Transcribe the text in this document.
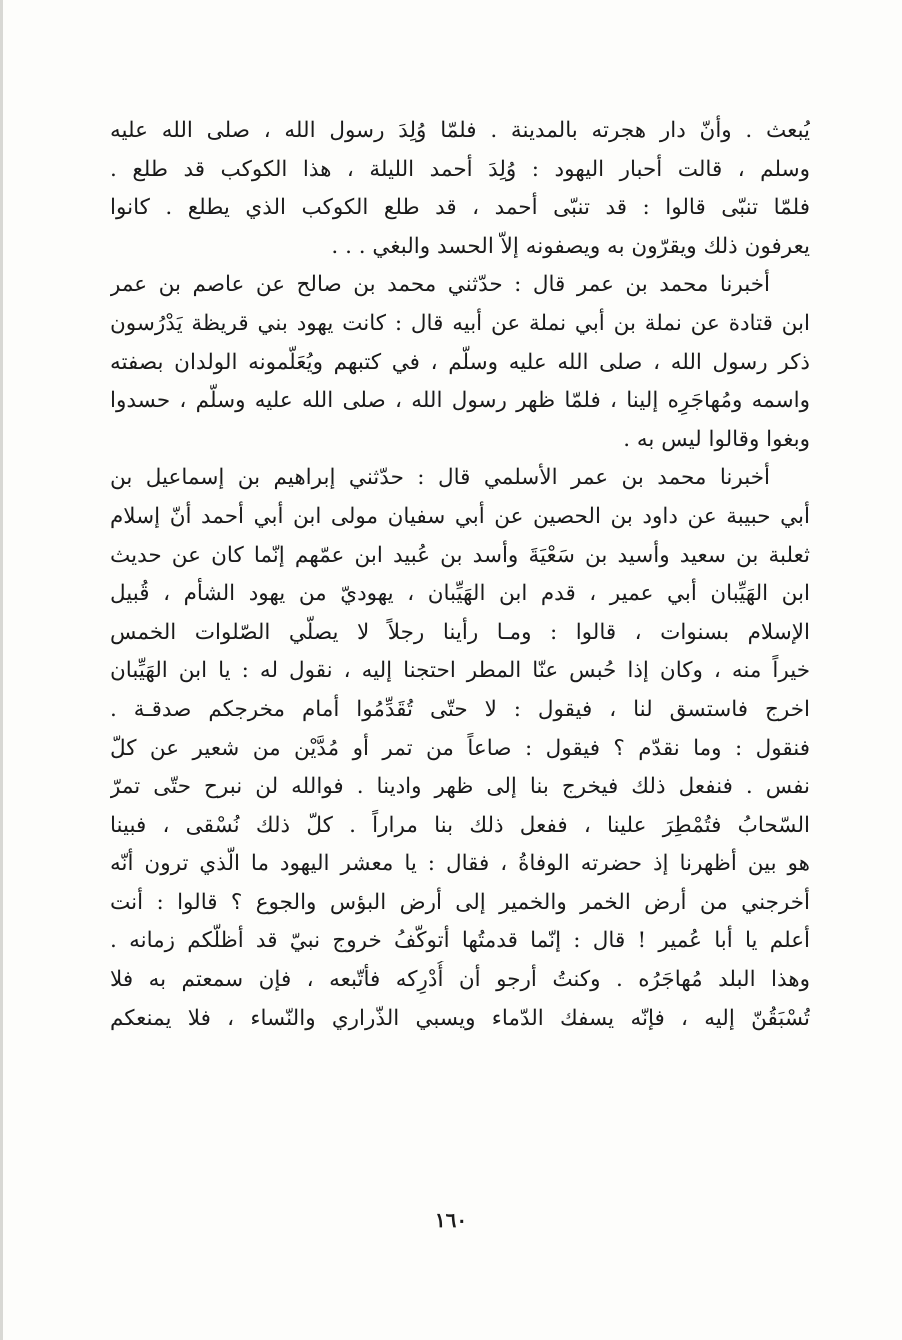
يُبعث . وأنّ دار هجرته بالمدينة . فلمّا وُلِدَ رسول الله ، صلى الله عليه
وسلم ، قالت أحبار اليهود : وُلِدَ أحمد الليلة ، هذا الكوكب قد طلع .
فلمّا تنبّى قالوا : قد تنبّى أحمد ، قد طلع الكوكب الذي يطلع . كانوا
يعرفون ذلك ويقرّون به ويصفونه إلاّ الحسد والبغي . . .
أخبرنا محمد بن عمر قال : حدّثني محمد بن صالح عن عاصم بن عمر
ابن قتادة عن نملة بن أبي نملة عن أبيه قال : كانت يهود بني قريظة يَدْرُسون
ذكر رسول الله ، صلى الله عليه وسلّم ، في كتبهم ويُعَلّمونه الولدان بصفته
واسمه ومُهاجَرِه إلينا ، فلمّا ظهر رسول الله ، صلى الله عليه وسلّم ، حسدوا
وبغوا وقالوا ليس به .
أخبرنا محمد بن عمر الأسلمي قال : حدّثني إبراهيم بن إسماعيل بن
أبي حبيبة عن داود بن الحصين عن أبي سفيان مولى ابن أبي أحمد أنّ إسلام
ثعلبة بن سعيد وأسيد بن سَعْيَةَ وأسد بن عُبيد ابن عمّهم إنّما كان عن حديث
ابن الهَيِّبان أبي عمير ، قدم ابن الهَيِّبان ، يهوديّ من يهود الشأم ، قُبيل
الإسلام بسنوات ، قالوا : ومـا رأينا رجلاً لا يصلّي الصّلوات الخمس
خيراً منه ، وكان إذا حُبس عنّا المطر احتجنا إليه ، نقول له : يا ابن الهَيِّبان
اخرج فاستسق لنا ، فيقول : لا حتّى تُقَدِّمُوا أمام مخرجكم صدقـة .
فنقول : وما نقدّم ؟ فيقول : صاعاً من تمر أو مُدَّيْن من شعير عن كلّ
نفس . فنفعل ذلك فيخرج بنا إلى ظهر وادينا . فوالله لن نبرح حتّى تمرّ
السّحابُ فتُمْطِرَ علينا ، ففعل ذلك بنا مراراً . كلّ ذلك نُسْقى ، فبينا
هو بين أظهرنا إذ حضرته الوفاةُ ، فقال : يا معشر اليهود ما الّذي ترون أنّه
أخرجني من أرض الخمر والخمير إلى أرض البؤس والجوع ؟ قالوا : أنت
أعلم يا أبا عُمير ! قال : إنّما قدمتُها أتوكّفُ خروج نبيّ قد أظلّكم زمانه .
وهذا البلد مُهاجَرُه . وكنتُ أرجو أن أُدْرِكه فأتّبعه ، فإن سمعتم به فلا
تُسْبَقُنّ إليه ، فإنّه يسفك الدّماء ويسبي الذّراري والنّساء ، فلا يمنعكم
١٦٠
